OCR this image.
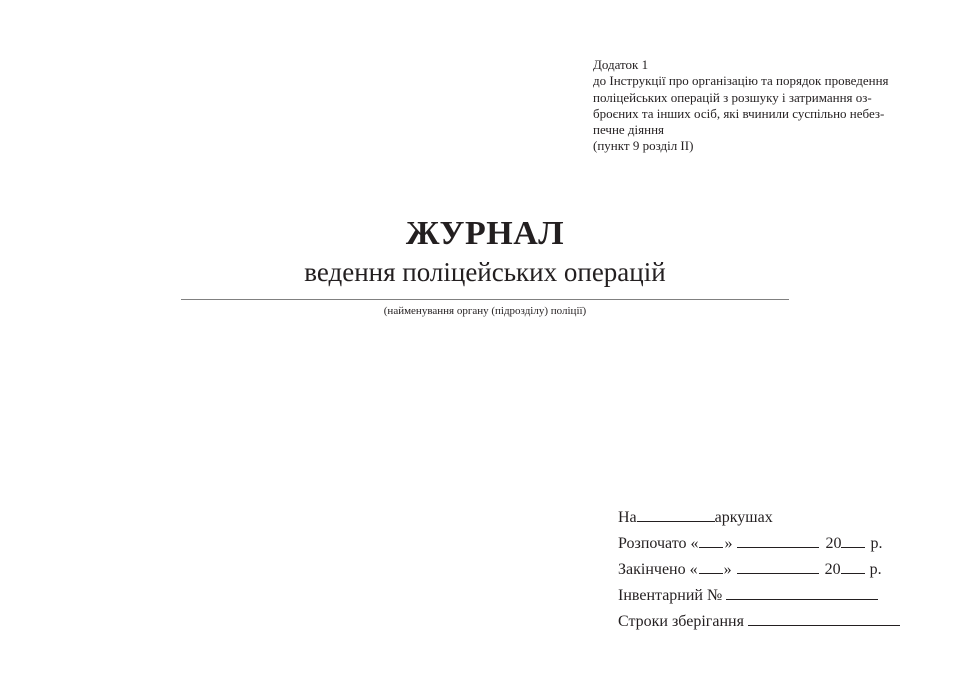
Додаток 1
до Інструкції про організацію та порядок проведення
поліцейських операцій з розшуку і затримання оз-
броєних та інших осіб, які вчинили суспільно небез-
печне діяння
(пункт 9 розділ II)
ЖУРНАЛ
ведення поліцейських операцій
(найменування органу (підрозділу) поліції)
На	аркушах
Розпочато « »	20 р.
Закінчено « »	20 р.
Інвентарний №
Строки зберігання
